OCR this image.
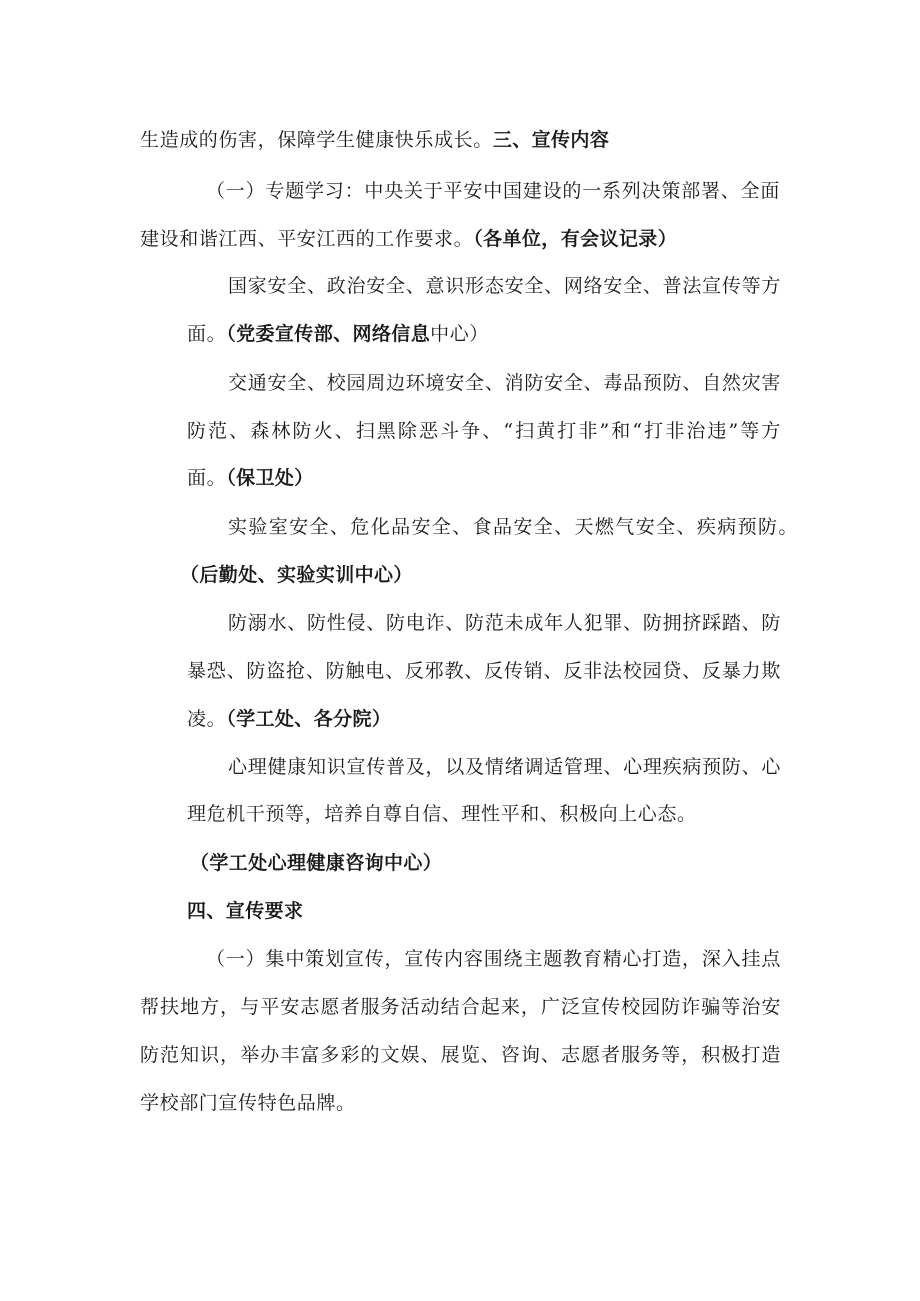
生造成的伤害，保障学生健康快乐成长。三、宣传内容
（一）专题学习：中央关于平安中国建设的一系列决策部署、全面
建设和谐江西、平安江西的工作要求。（各单位，有会议记录）
国家安全、政治安全、意识形态安全、网络安全、普法宣传等方
面。（党委宣传部、网络信息中心）
交通安全、校园周边环境安全、消防安全、毒品预防、自然灾害
防范、森林防火、扫黑除恶斗争、“扫黄打非”和“打非治违”等方
面。（保卫处）
实验室安全、危化品安全、食品安全、天燃气安全、疾病预防。
（后勤处、实验实训中心）
防溺水、防性侵、防电诈、防范未成年人犯罪、防拥挤踩踏、防
暴恐、防盗抢、防触电、反邪教、反传销、反非法校园贷、反暴力欺
凌。（学工处、各分院）
心理健康知识宣传普及，以及情绪调适管理、心理疾病预防、心
理危机干预等，培养自尊自信、理性平和、积极向上心态。
（学工处心理健康咨询中心）
四、宣传要求
（一）集中策划宣传，宣传内容围绕主题教育精心打造，深入挂点
帮扶地方，与平安志愿者服务活动结合起来，广泛宣传校园防诈骗等治安
防范知识，举办丰富多彩的文娱、展览、咨询、志愿者服务等，积极打造
学校部门宣传特色品牌。
